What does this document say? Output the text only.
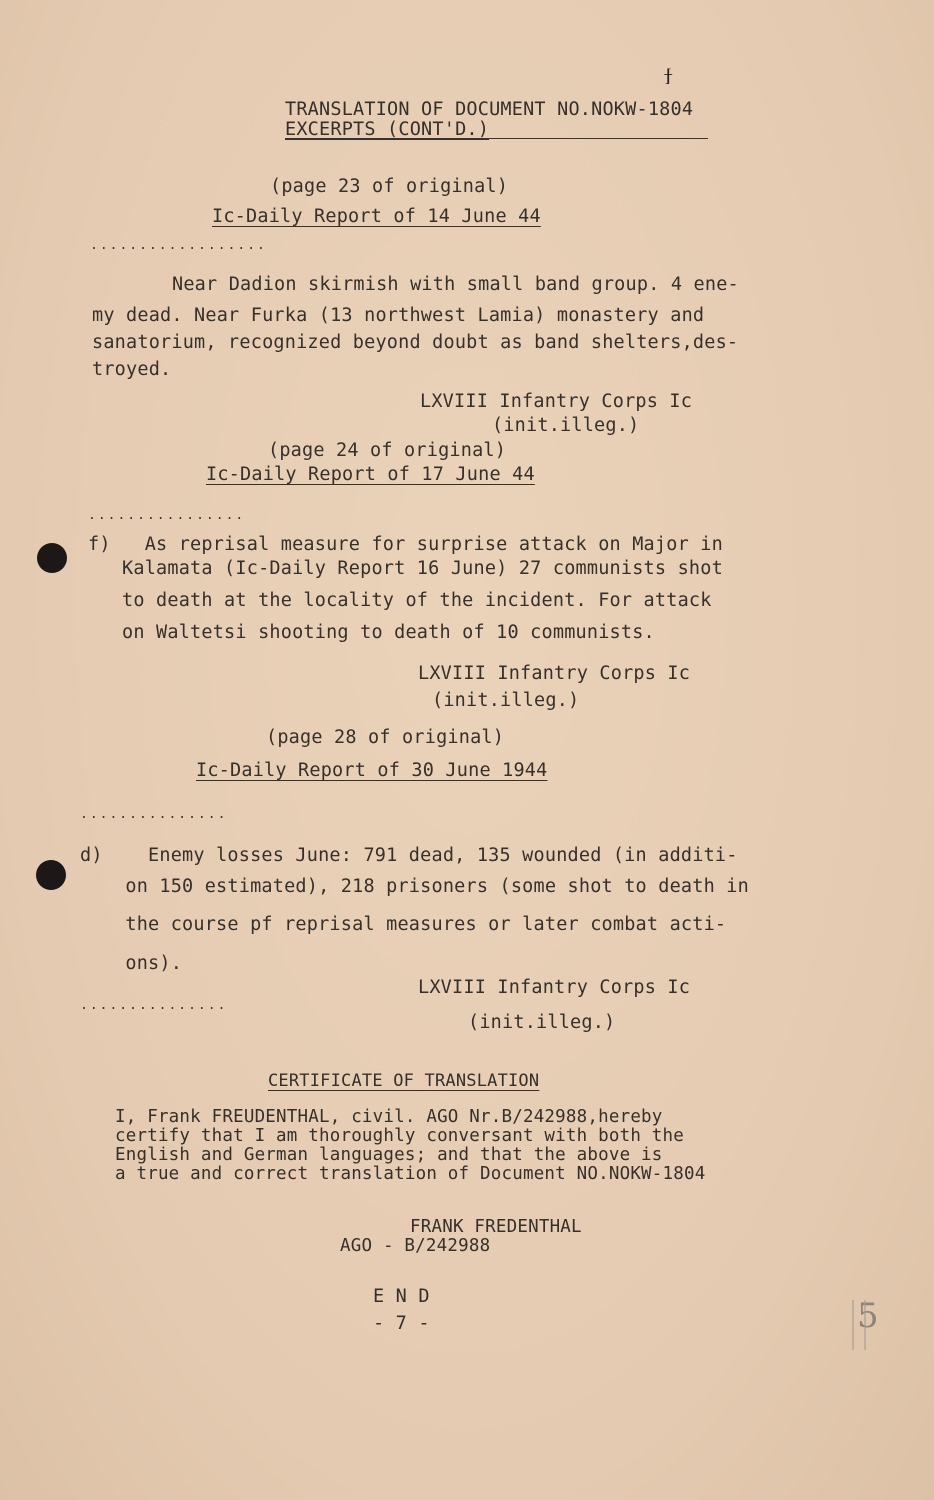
TRANSLATION OF DOCUMENT NO.NOKW-1804
EXCERPTS (CONT'D.)
ϯ
(page 23 of original)
Ic-Daily Report of 14 June 44
..................
Near Dadion skirmish with small band group. 4 ene-
my dead. Near Furka (13 northwest Lamia) monastery and
sanatorium, recognized beyond doubt as band shelters,des-
troyed.
LXVIII Infantry Corps Ic
(init.illeg.)
(page 24 of original)
Ic-Daily Report of 17 June 44
................
f)   As reprisal measure for surprise attack on Major in
Kalamata (Ic-Daily Report 16 June) 27 communists shot
to death at the locality of the incident. For attack
on Waltetsi shooting to death of 10 communists.
LXVIII Infantry Corps Ic
(init.illeg.)
(page 28 of original)
Ic-Daily Report of 30 June 1944
...............
d)    Enemy losses June: 791 dead, 135 wounded (in additi-
on 150 estimated), 218 prisoners (some shot to death in
the course pf reprisal measures or later combat acti-
ons).
LXVIII Infantry Corps Ic
...............
(init.illeg.)
CERTIFICATE OF TRANSLATION
I, Frank FREUDENTHAL, civil. AGO Nr.B/242988,hereby
certify that I am thoroughly conversant with both the
English and German languages; and that the above is
a true and correct translation of Document NO.NOKW-1804
FRANK FREDENTHAL
AGO - B/242988
E N D
- 7 -	5
